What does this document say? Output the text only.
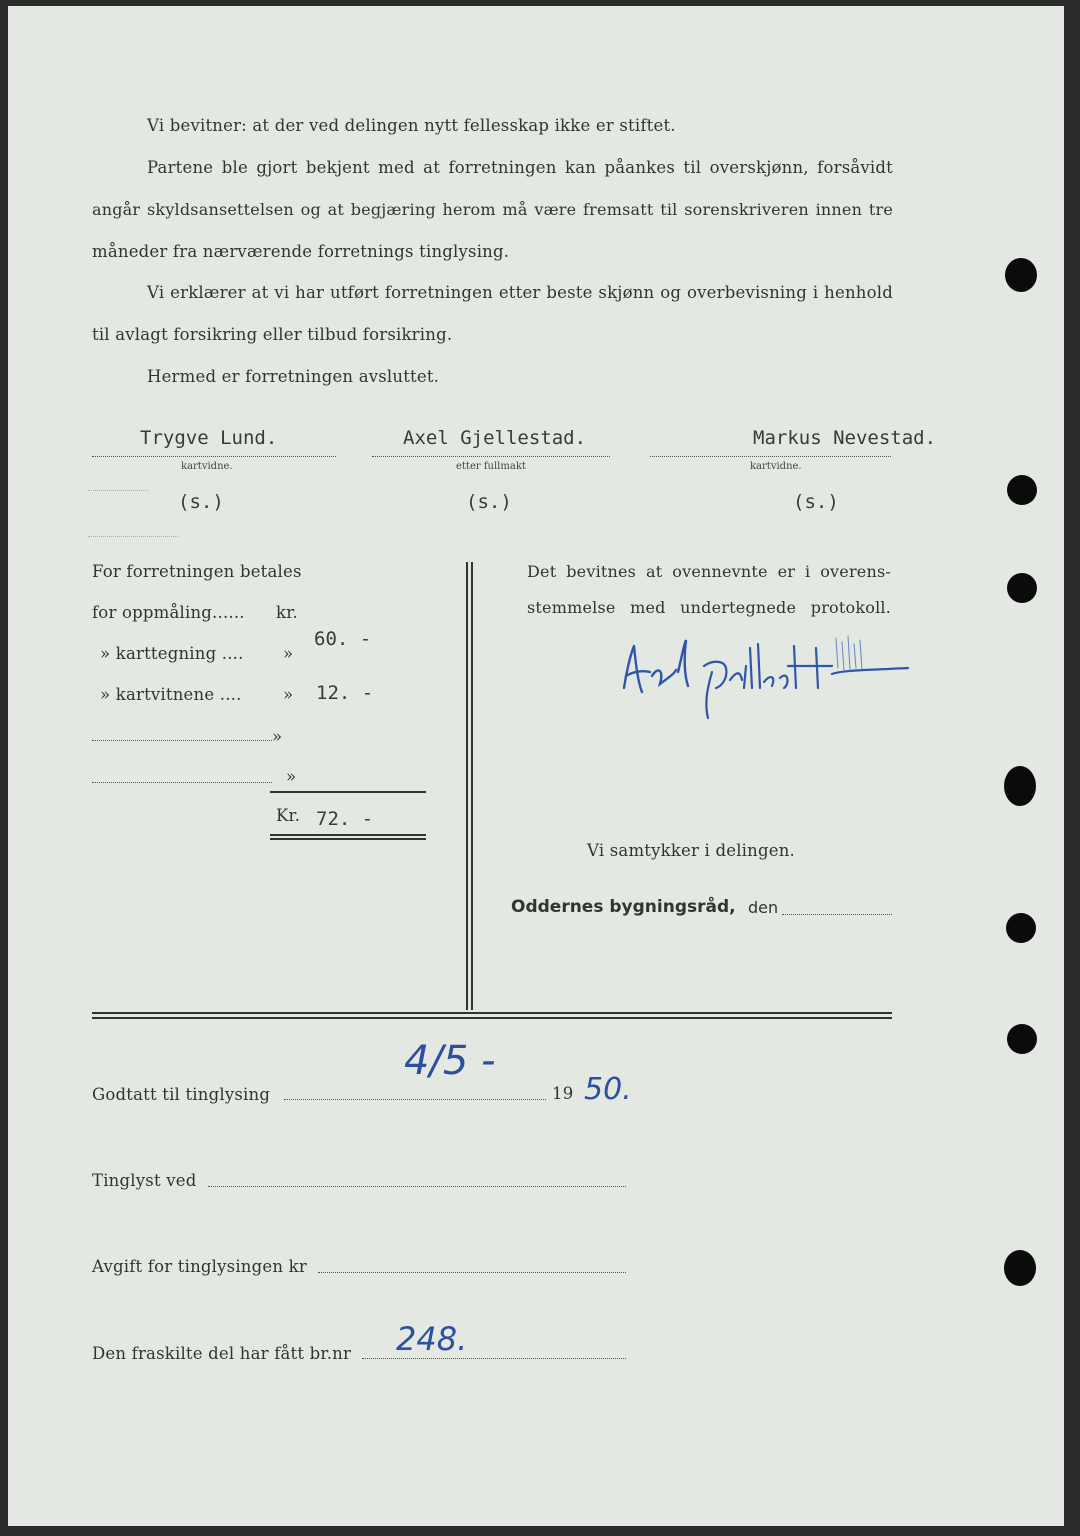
Vi bevitner: at der ved delingen nytt fellesskap ikke er stiftet.
Partene ble gjort bekjent med at forretningen kan påankes til overskjønn, forsåvidt
angår skyldsansettelsen og at begjæring herom må være fremsatt til sorenskriveren innen tre
måneder fra nærværende forretnings tinglysing.
Vi erklærer at vi har utført forretningen etter beste skjønn og overbevisning i henhold
til avlagt forsikring eller tilbud forsikring.
Hermed er forretningen avsluttet.
Trygve Lund.
kartvidne.
(s.)
Axel Gjellestad.
etter fullmakt
(s.)
Markus Nevestad.
kartvidne.
(s.)
For forretningen betales
for oppmåling...... kr.
60. -
» karttegning .... »
12. -
» kartvitnene ....	»
»
»
Kr. 72. -
Det bevitnes at ovennevnte er i overens-
stemmelse med undertegnede protokoll.
Vi samtykker i delingen.
Oddernes bygningsråd, den
Godtatt til tinglysing
4/5 -
19 50.
Tinglyst ved
Avgift for tinglysingen kr
Den fraskilte del har fått br.nr 248.
